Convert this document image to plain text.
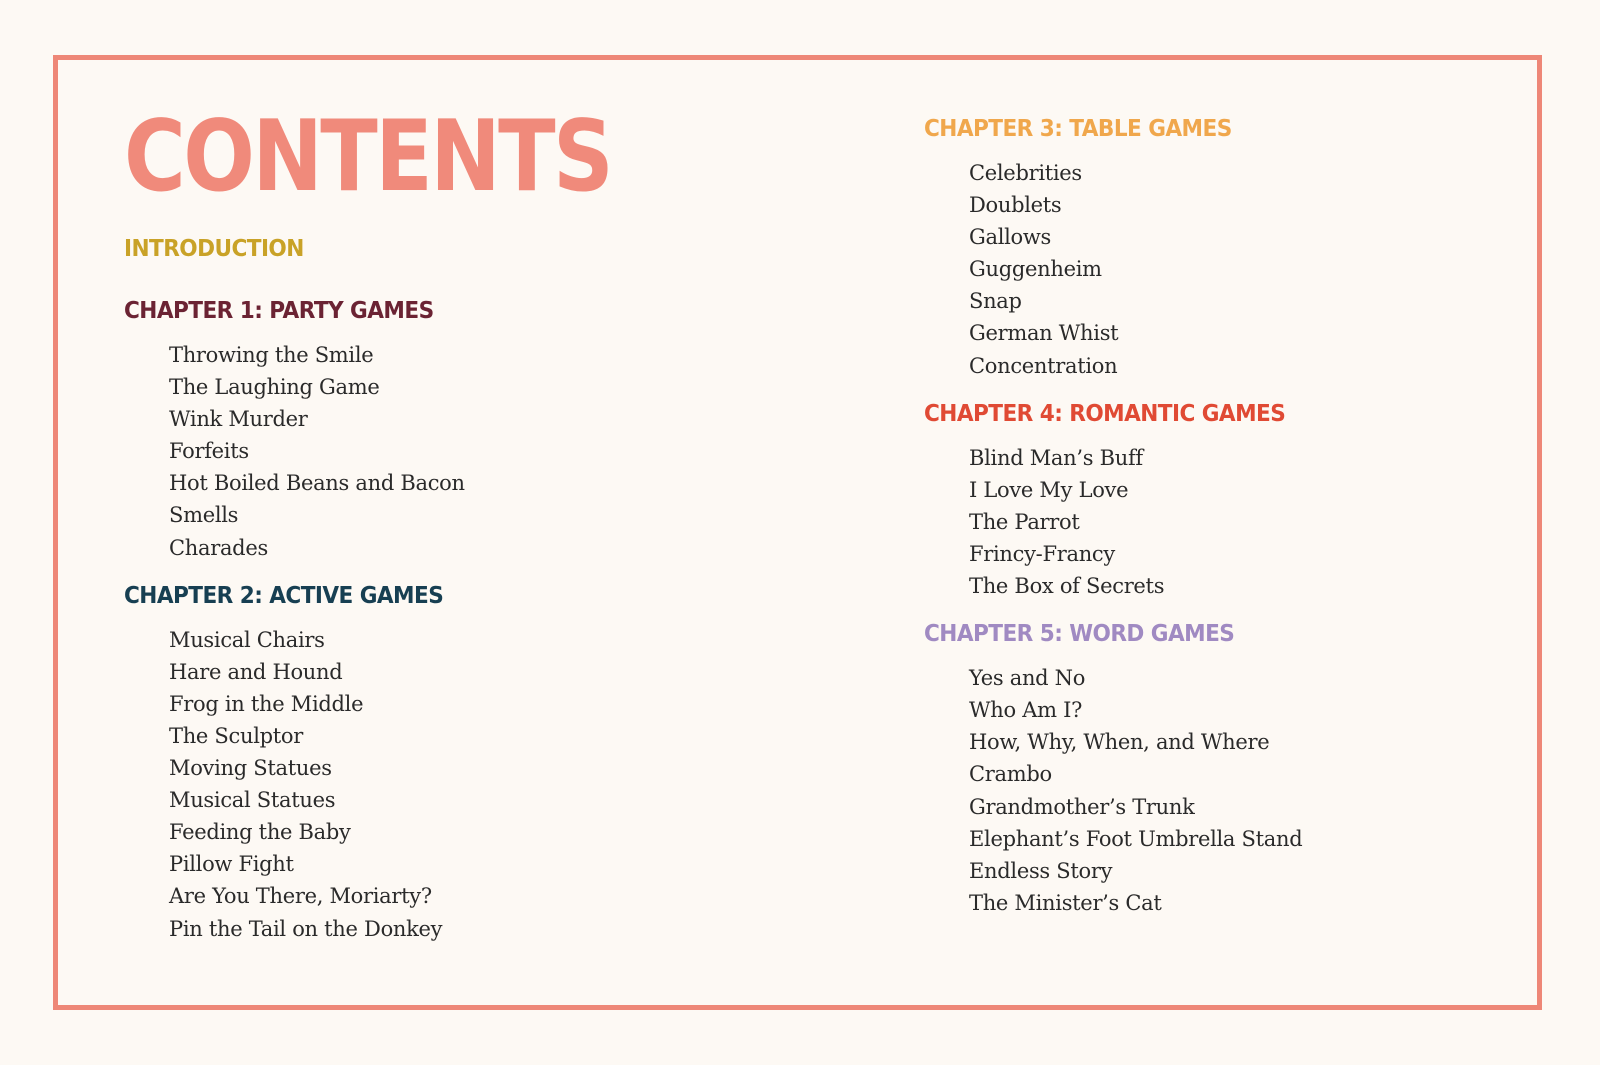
CONTENTS
INTRODUCTION
CHAPTER 1: PARTY GAMES
Throwing the Smile
The Laughing Game
Wink Murder
Forfeits
Hot Boiled Beans and Bacon
Smells
Charades
CHAPTER 2: ACTIVE GAMES
Musical Chairs
Hare and Hound
Frog in the Middle
The Sculptor
Moving Statues
Musical Statues
Feeding the Baby
Pillow Fight
Are You There, Moriarty?
Pin the Tail on the Donkey
CHAPTER 3: TABLE GAMES
Celebrities
Doublets
Gallows
Guggenheim
Snap
German Whist
Concentration
CHAPTER 4: ROMANTIC GAMES
Blind Man’s Buff
I Love My Love
The Parrot
Frincy-Francy
The Box of Secrets
CHAPTER 5: WORD GAMES
Yes and No
Who Am I?
How, Why, When, and Where
Crambo
Grandmother’s Trunk
Elephant’s Foot Umbrella Stand
Endless Story
The Minister’s Cat
